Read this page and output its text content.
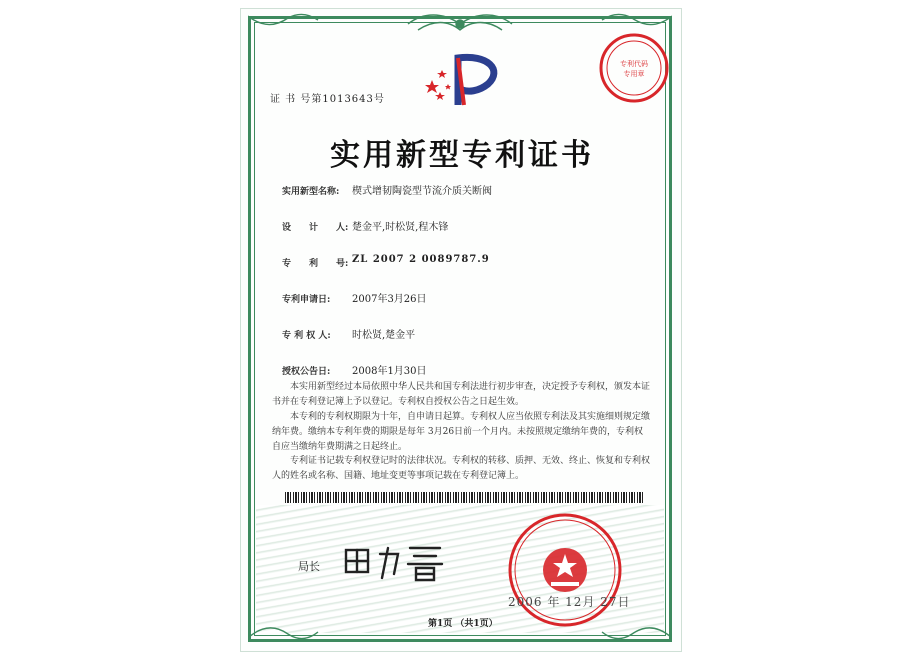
专利代码
专用章
证 书 号第1013643号
实用新型专利证书
实用新型名称: 楔式增韧陶瓷型节流介质关断阀
设　　计　　人: 楚金平,时松贤,程木锋
专　　利　　号: ZL 2007 2 0089787.9
专利申请日: 2007年3月26日
专 利 权 人: 时松贤,楚金平
授权公告日: 2008年1月30日
本实用新型经过本局依照中华人民共和国专利法进行初步审查，决定授予专利权，颁发本证书并在专利登记簿上予以登记。专利权自授权公告之日起生效。
本专利的专利权期限为十年，自申请日起算。专利权人应当依照专利法及其实施细则规定缴纳年费。缴纳本专利年费的期限是每年 3月26日前一个月内。未按照规定缴纳年费的，专利权自应当缴纳年费期满之日起终止。
专利证书记载专利权登记时的法律状况。专利权的转移、质押、无效、终止、恢复和专利权人的姓名或名称、国籍、地址变更等事项记载在专利登记簿上。
局长
2006 年 12月 27日
第1页 （共1页）
